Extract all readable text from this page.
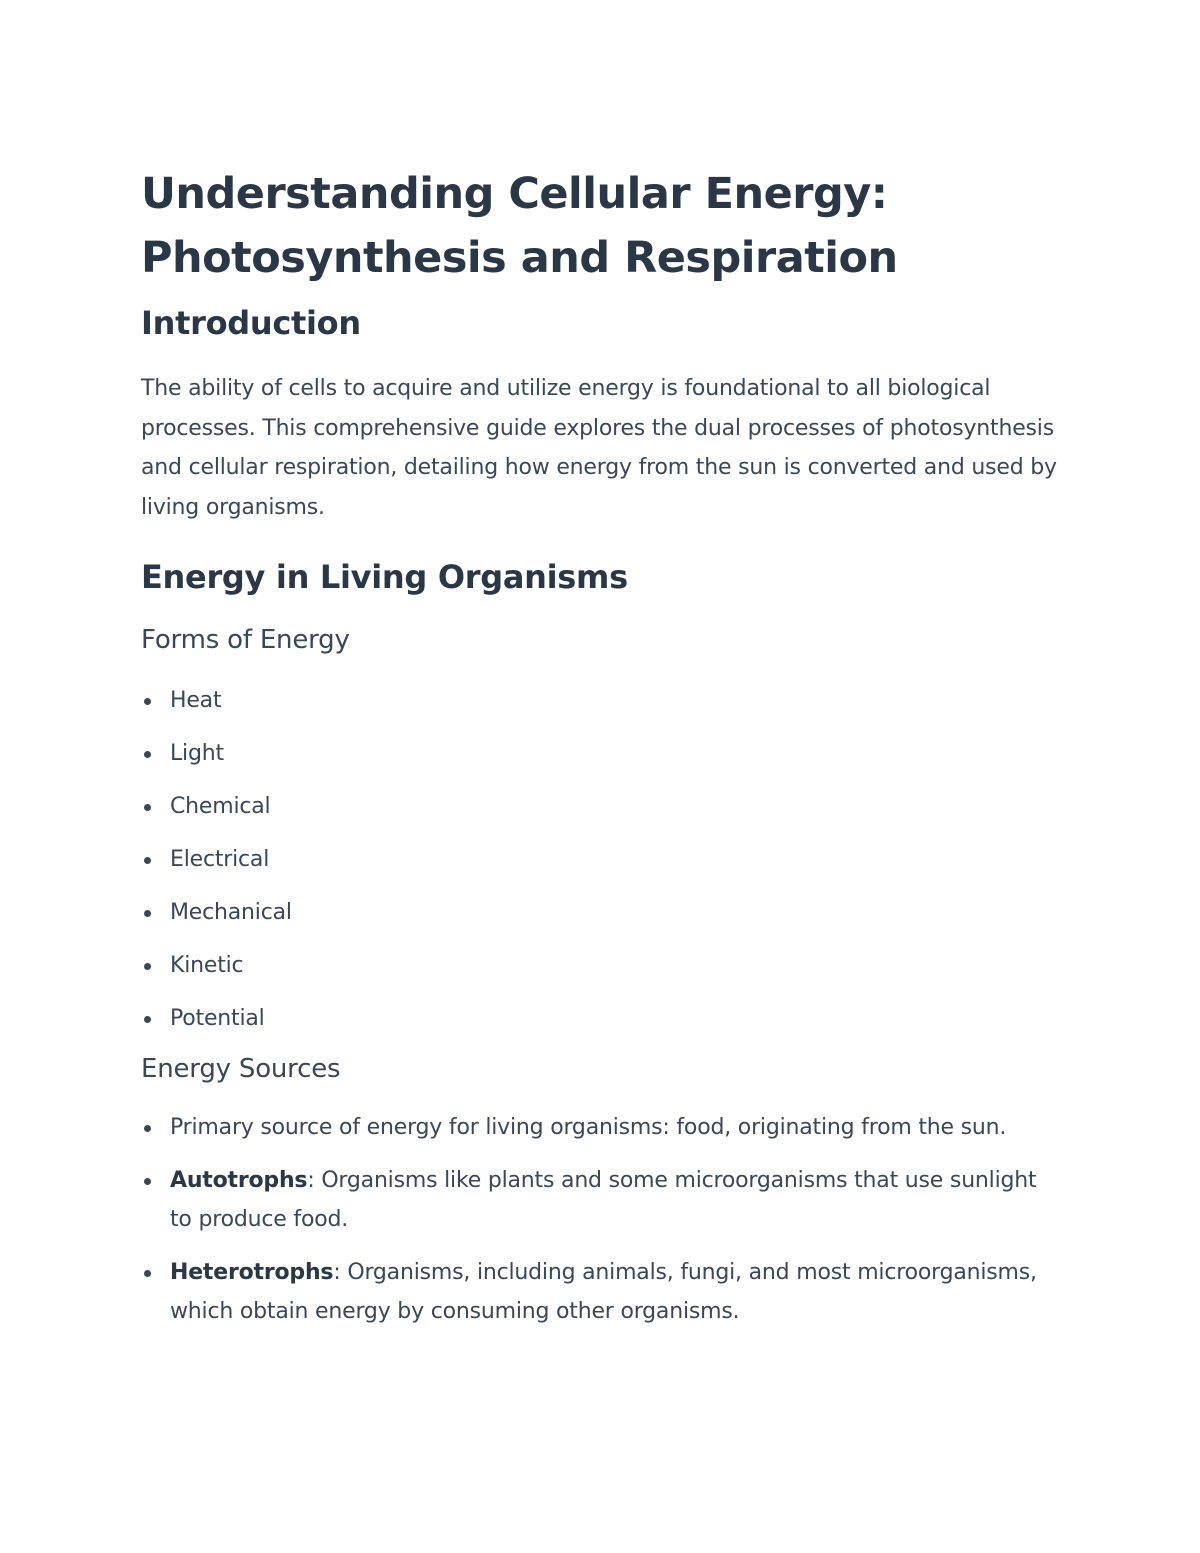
Understanding Cellular Energy:
Photosynthesis and Respiration
Introduction

The ability of cells to acquire and utilize energy is foundational to all biological processes. This comprehensive guide explores the dual processes of photosynthesis and cellular respiration, detailing how energy from the sun is converted and used by living organisms.

Energy in Living Organisms
Forms of Energy
Heat
Light
Chemical
Electrical
Mechanical
Kinetic
Potential
Energy Sources
Primary source of energy for living organisms: food, originating from the sun.
Autotrophs: Organisms like plants and some microorganisms that use sunlight to produce food.
Heterotrophs: Organisms, including animals, fungi, and most microorganisms, which obtain energy by consuming other organisms.
